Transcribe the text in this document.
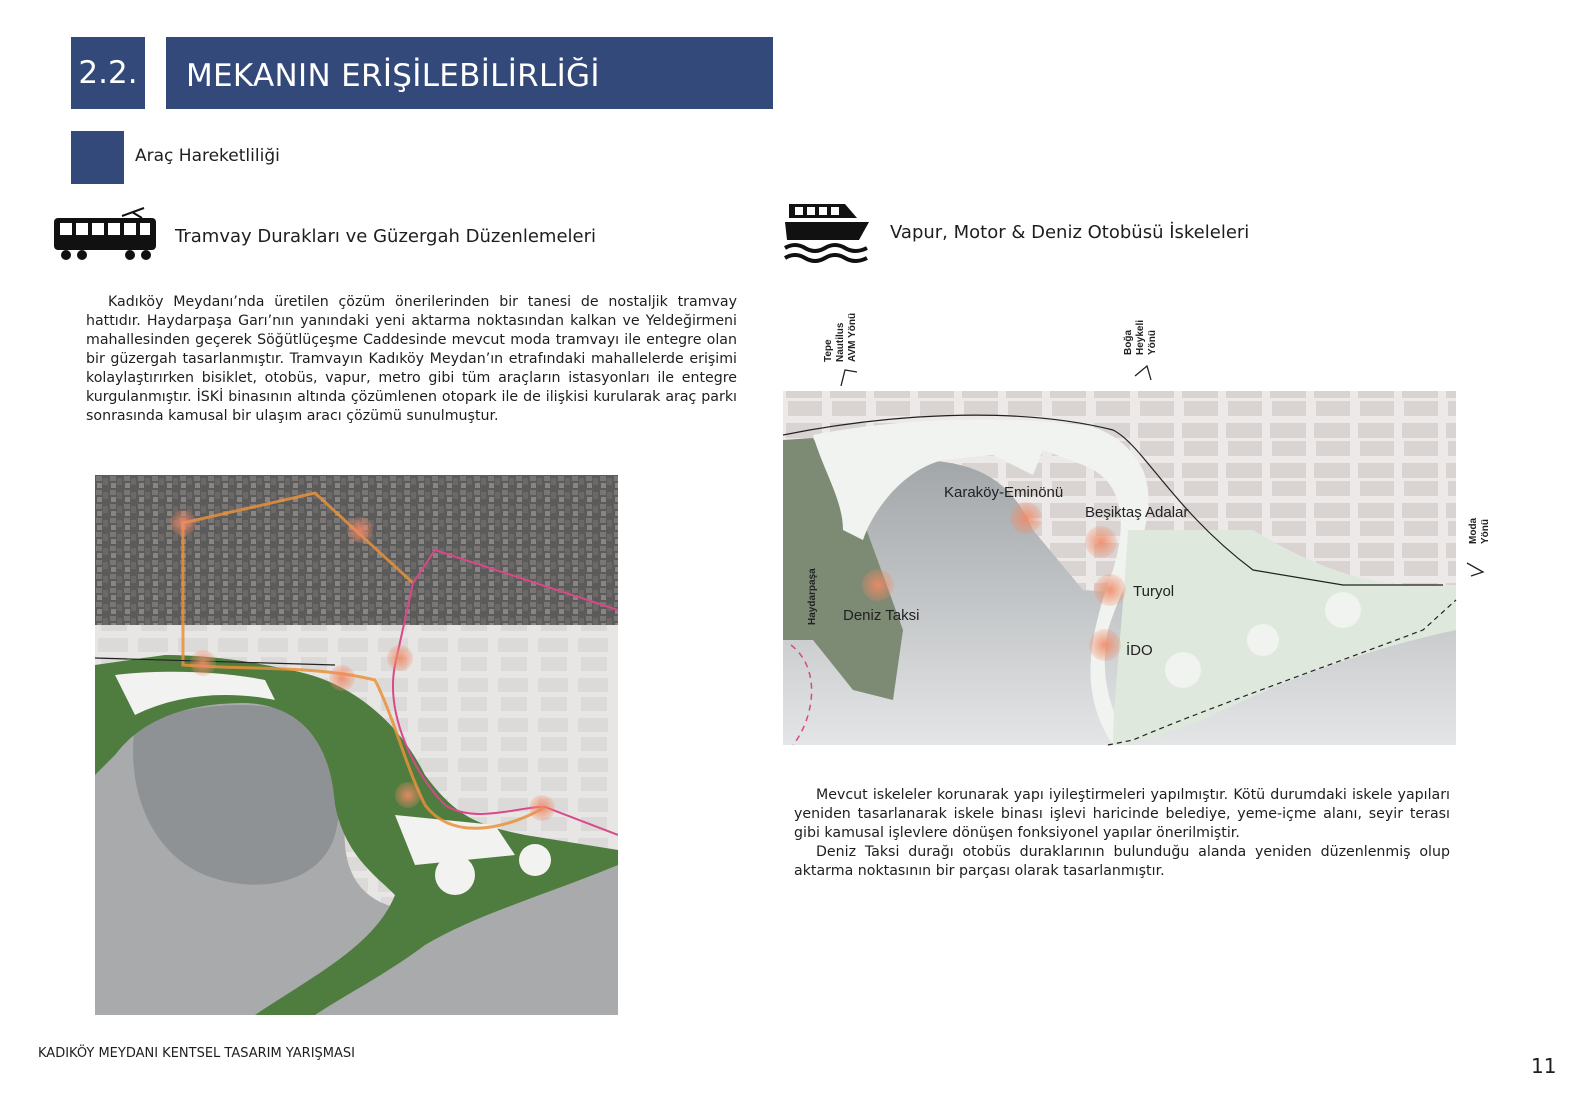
2.2.	MEKANIN ERİŞİLEBİLİRLİĞİ
Araç Hareketliliği
Tramvay Durakları ve Güzergah Düzenlemeleri

Kadıköy Meydanı’nda üretilen çözüm önerilerinden bir tanesi de nostaljik tramvay hattıdır. Haydarpaşa Garı’nın yanındaki yeni aktarma noktasından kalkan ve Yeldeğirmeni mahallesinden geçerek Söğütlüçeşme Caddesinde mevcut moda tramvayı ile entegre olan bir güzergah tasarlanmıştır. Tramvayın Kadıköy Meydan’ın etrafındaki mahallelerde erişimi kolaylaştırırken bisiklet, otobüs, vapur, metro gibi tüm araçların istasyonları ile entegre kurgulanmıştır. İSKİ binasının altında çözümlenen otopark ile de ilişkisi kurularak araç parkı sonrasında kamusal bir ulaşım aracı çözümü sunulmuştur.

Vapur, Motor & Deniz Otobüsü İskeleleri
Karaköy-Eminönü
Beşiktaş Adalar
Turyol
İDO
Deniz Taksi
Haydarpaşa
Tepe Nautilus AVM Yönü	Boğa Heykeli Yönü
Moda Yönü

Mevcut iskeleler korunarak yapı iyileştirmeleri yapılmıştır. Kötü durumdaki iskele yapıları yeniden tasarlanarak iskele binası işlevi haricinde belediye, yeme-içme alanı, seyir terası gibi kamusal işlevlere dönüşen fonksiyonel yapılar önerilmiştir.

Deniz Taksi durağı otobüs duraklarının bulunduğu alanda yeniden düzenlenmiş olup aktarma noktasının bir parçası olarak tasarlanmıştır.

KADIKÖY MEYDANI KENTSEL TASARIM YARIŞMASI
11
